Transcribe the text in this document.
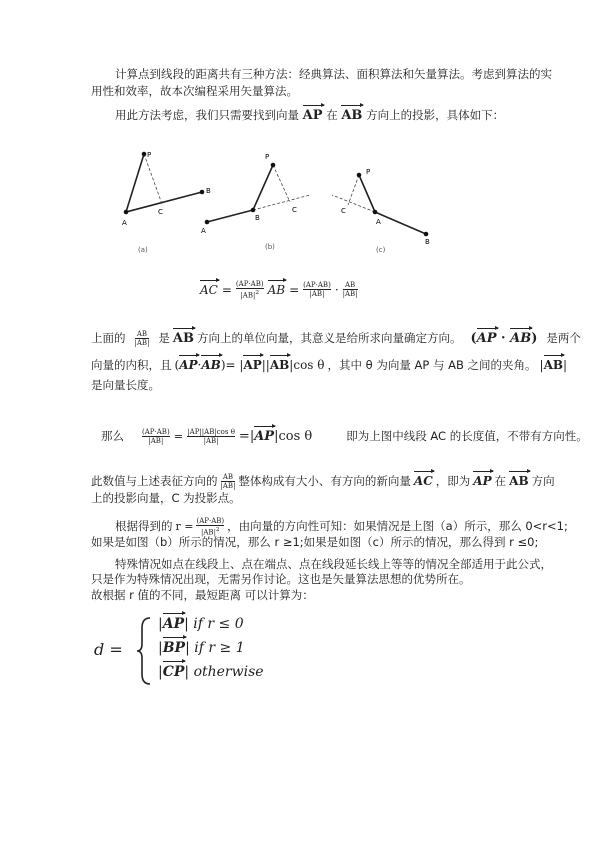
计算点到线段的距离共有三种方法：经典算法、面积算法和矢量算法。考虑到算法的实
用性和效率，故本次编程采用矢量算法。
用此方法考虑，我们只需要找到向量 AP 在 AB 方向上的投影，具体如下：
P
A
B
C
(a)
P
A
B
C
(b)
P
A
B
C
(c)
AC = $\frac{(AP\cdot AB)}{|AB|^2}$ AB = $\frac{(AP\cdot AB)}{|AB|} \cdot \frac{AB}{|AB|}$
上面的 $\frac{AB}{|AB|}$ 是 AB 方向上的单位向量，其意义是给所求向量确定方向。 (AP · AB) 是两个
向量的内积，且 (AP·AB)= |AP||AB|cos θ ，其中 θ 为向量 AP 与 AB 之间的夹角。 |AB|
是向量长度。
那么	$\frac{(AP\cdot AB)}{|AB|} = \frac{\text{|AP||AB|cos θ}}{|AB|} =|AP|\cos$ θ	即为上图中线段 AC 的长度值，不带有方向性。
此数值与上述表征方向的 $\frac{AB}{|AB|}$ 整体构成有大小、有方向的新向量 AC ，即为 AP 在 AB 方向
上的投影向量，C 为投影点。
根据得到的 $r = \frac{(AP\cdot AB)}{|AB|^2}$ ，由向量的方向性可知：如果情况是上图（a）所示，那么 0<r<1;
如果是如图（b）所示的情况，那么 r ≥1;如果是如图（c）所示的情况，那么得到 r ≤0;
特殊情况如点在线段上、点在端点、点在线段延长线上等等的情况全部适用于此公式，
只是作为特殊情况出现，无需另作讨论。这也是矢量算法思想的优势所在。
故根据 r 值的不同，最短距离 可以计算为：
d =
|AP| if r ≤ 0
|BP| if r ≥ 1
|CP| otherwise
